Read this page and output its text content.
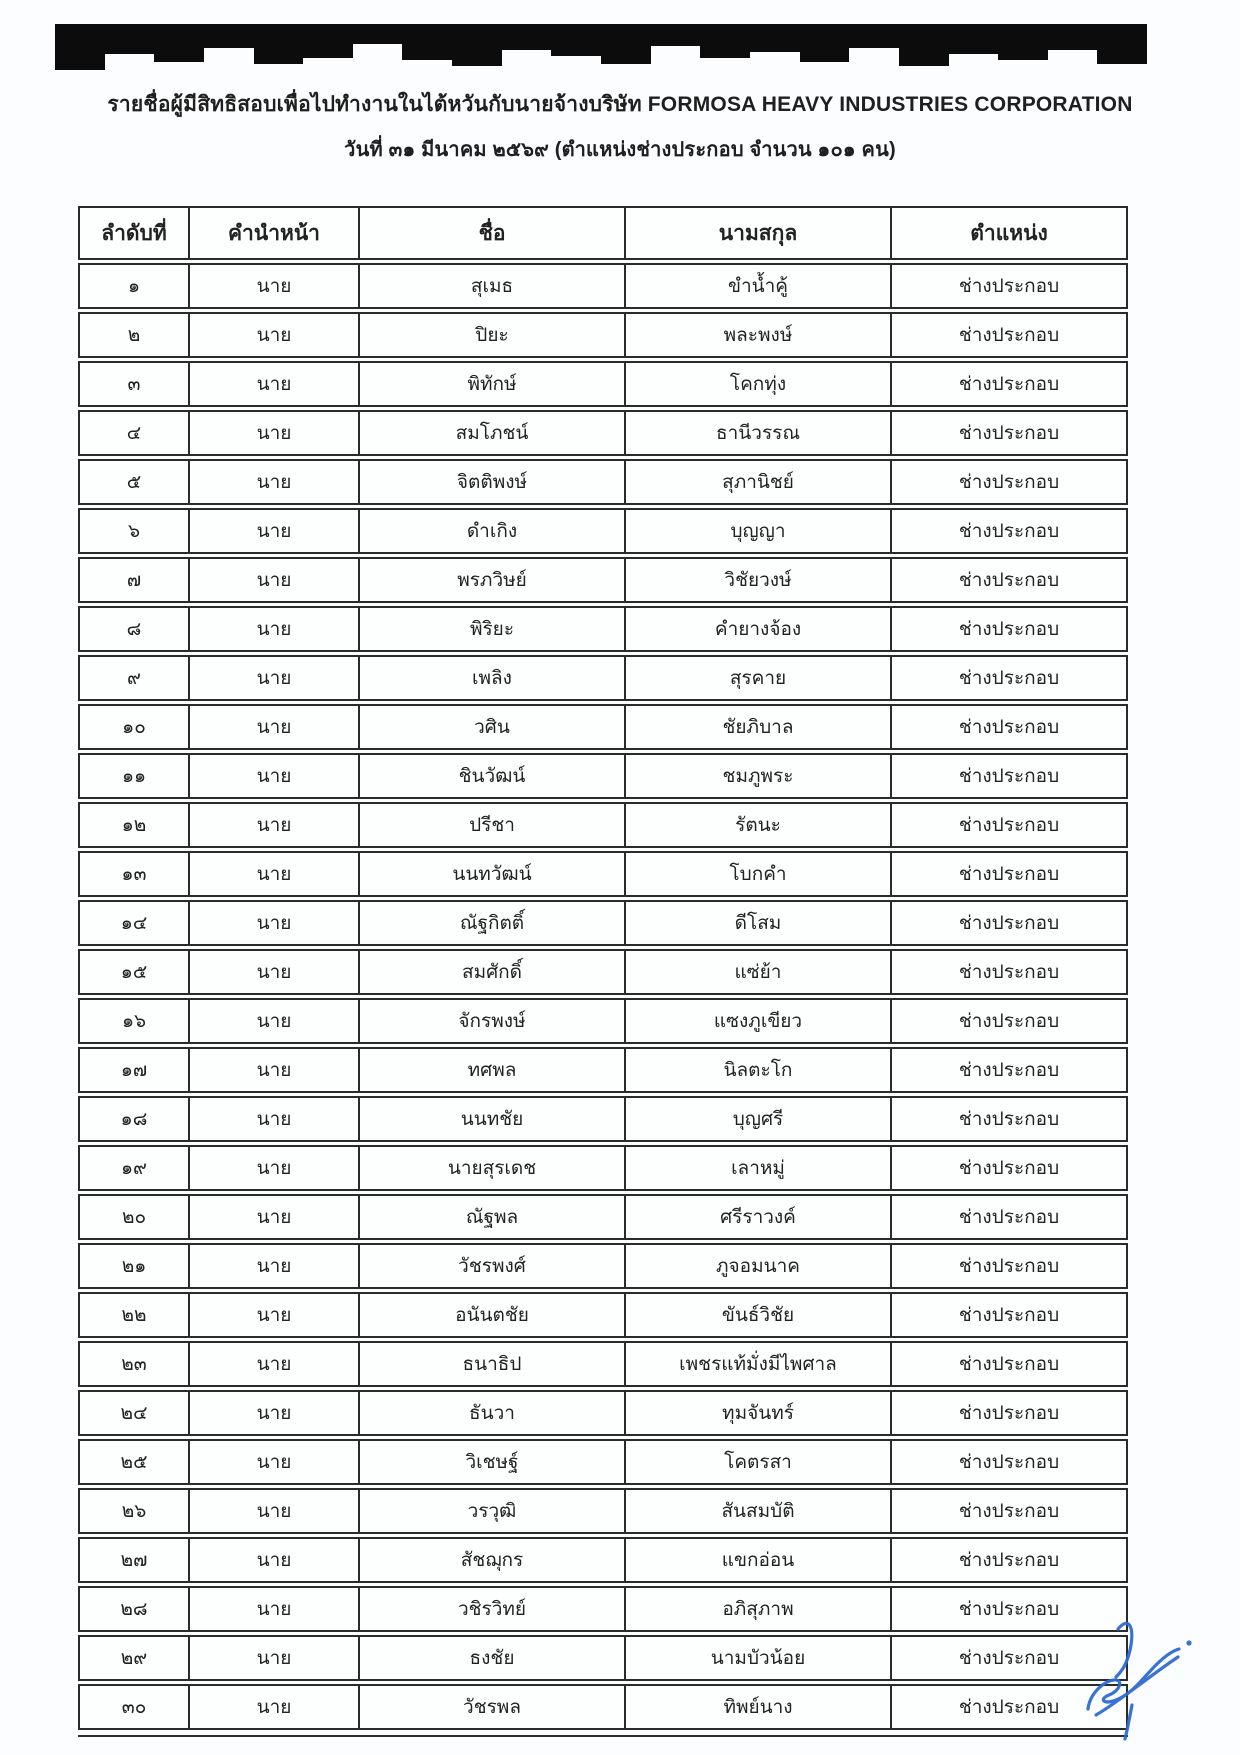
รายชื่อผู้มีสิทธิสอบเพื่อไปทำงานในไต้หวันกับนายจ้างบริษัท FORMOSA HEAVY INDUSTRIES CORPORATION
วันที่ ๓๑ มีนาคม ๒๕๖๙ (ตำแหน่งช่างประกอบ จำนวน ๑๐๑ คน)
ลำดับที่	คำนำหน้า	ชื่อ	นามสกุล	ตำแหน่ง
๑	นาย	สุเมธ	ขำน้ำคู้	ช่างประกอบ
๒	นาย	ปิยะ	พละพงษ์	ช่างประกอบ
๓	นาย	พิทักษ์	โคกทุ่ง	ช่างประกอบ
๔	นาย	สมโภชน์	ธานีวรรณ	ช่างประกอบ
๕	นาย	จิตติพงษ์	สุภานิชย์	ช่างประกอบ
๖	นาย	ดำเกิง	บุญญา	ช่างประกอบ
๗	นาย	พรภวิษย์	วิชัยวงษ์	ช่างประกอบ
๘	นาย	พิริยะ	คำยางจ้อง	ช่างประกอบ
๙	นาย	เพลิง	สุรคาย	ช่างประกอบ
๑๐	นาย	วศิน	ชัยภิบาล	ช่างประกอบ
๑๑	นาย	ชินวัฒน์	ชมภูพระ	ช่างประกอบ
๑๒	นาย	ปรีชา	รัตนะ	ช่างประกอบ
๑๓	นาย	นนทวัฒน์	โบกคำ	ช่างประกอบ
๑๔	นาย	ณัฐกิตติ์	ดีโสม	ช่างประกอบ
๑๕	นาย	สมศักดิ์	แซ่ย้า	ช่างประกอบ
๑๖	นาย	จักรพงษ์	แซงภูเขียว	ช่างประกอบ
๑๗	นาย	ทศพล	นิลตะโก	ช่างประกอบ
๑๘	นาย	นนทชัย	บุญศรี	ช่างประกอบ
๑๙	นาย	นายสุรเดช	เลาหมู่	ช่างประกอบ
๒๐	นาย	ณัฐพล	ศรีราวงค์	ช่างประกอบ
๒๑	นาย	วัชรพงศ์	ภูจอมนาค	ช่างประกอบ
๒๒	นาย	อนันตชัย	ขันธ์วิชัย	ช่างประกอบ
๒๓	นาย	ธนาธิป	เพชรแท้มั่งมีไพศาล	ช่างประกอบ
๒๔	นาย	ธันวา	ทุมจันทร์	ช่างประกอบ
๒๕	นาย	วิเชษฐ์	โคตรสา	ช่างประกอบ
๒๖	นาย	วรวุฒิ	สันสมบัติ	ช่างประกอบ
๒๗	นาย	สัชฌุกร	แขกอ่อน	ช่างประกอบ
๒๘	นาย	วชิรวิทย์	อภิสุภาพ	ช่างประกอบ
๒๙	นาย	ธงชัย	นามบัวน้อย	ช่างประกอบ
๓๐	นาย	วัชรพล	ทิพย์นาง	ช่างประกอบ
